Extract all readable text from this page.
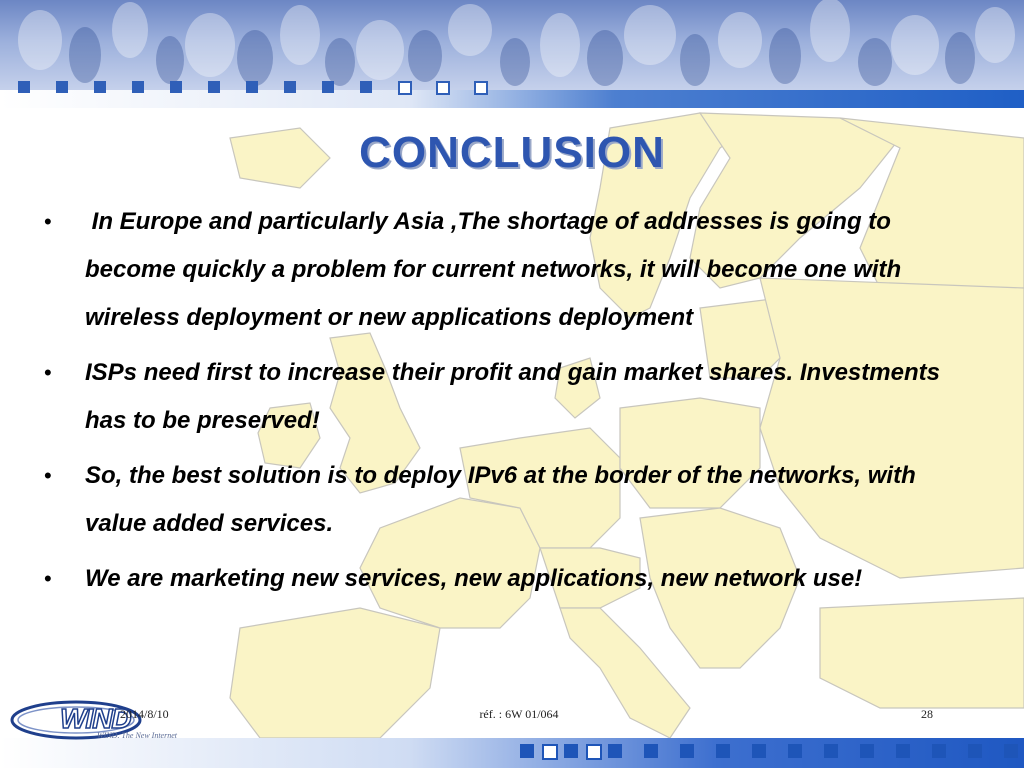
CONCLUSION
• In Europe and particularly Asia ,The shortage of addresses is going to become quickly a problem for current networks, it will become one with wireless deployment or new applications deployment
• ISPs need first to increase their profit and gain market shares. Investments has to be preserved!
• So, the best solution is to deploy IPv6 at the border of the networks, with value added services.
• We are marketing new services, new applications, new network use!
WIND
WIND. The New Internet
2014/8/10	réf. : 6W 01/064	28
